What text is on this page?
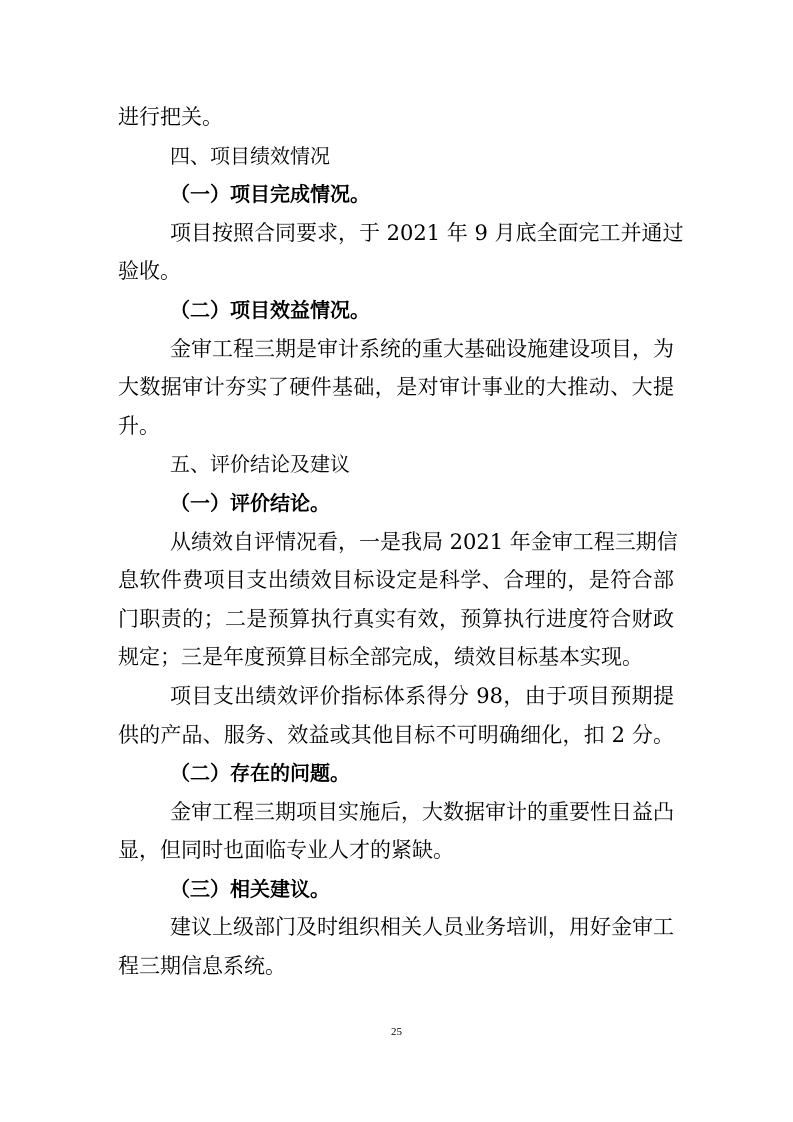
进行把关。
四、项目绩效情况
（一）项目完成情况。
项目按照合同要求，于 2021 年 9 月底全面完工并通过
验收。
（二）项目效益情况。
金审工程三期是审计系统的重大基础设施建设项目，为
大数据审计夯实了硬件基础，是对审计事业的大推动、大提
升。
五、评价结论及建议
（一）评价结论。
从绩效自评情况看，一是我局 2021 年金审工程三期信
息软件费项目支出绩效目标设定是科学、合理的，是符合部
门职责的；二是预算执行真实有效，预算执行进度符合财政
规定；三是年度预算目标全部完成，绩效目标基本实现。
项目支出绩效评价指标体系得分 98，由于项目预期提
供的产品、服务、效益或其他目标不可明确细化，扣 2 分。
（二）存在的问题。
金审工程三期项目实施后，大数据审计的重要性日益凸
显，但同时也面临专业人才的紧缺。
（三）相关建议。
建议上级部门及时组织相关人员业务培训，用好金审工
程三期信息系统。
25
